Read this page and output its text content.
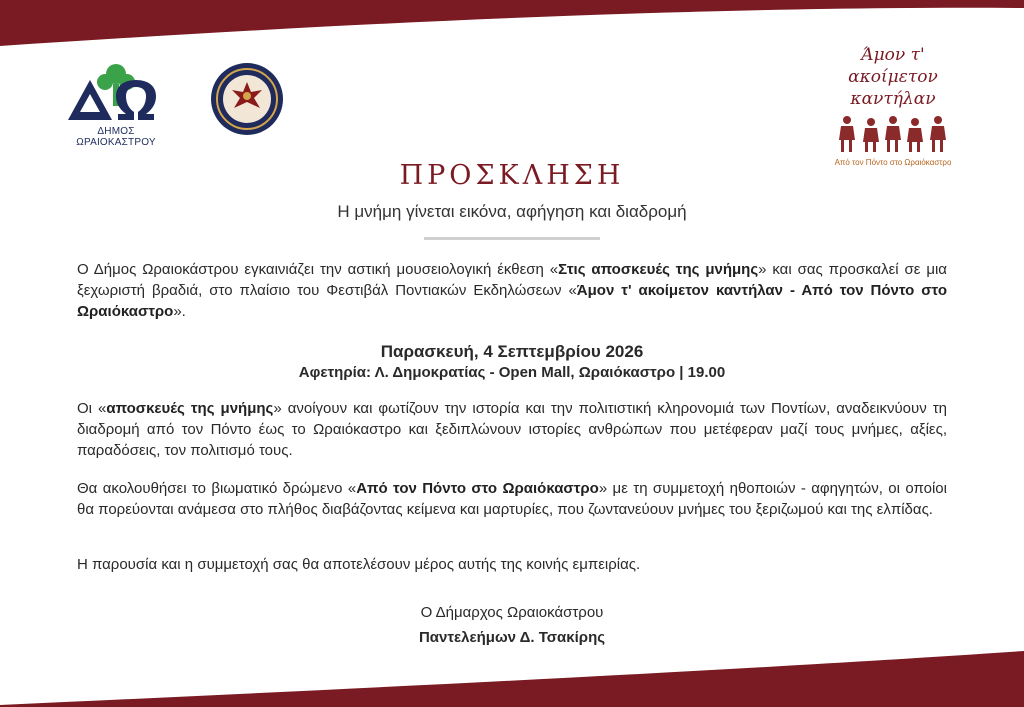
ΔΗΜΟΣ ΩΡΑΙΟΚΑΣΤΡΟΥ
Άμον τ' ακοίμετον
καντήλαν
Από τον Πόντο στο Ωραιόκαστρο
ΠΡΟΣΚΛΗΣΗ
Η μνήμη γίνεται εικόνα, αφήγηση και διαδρομή

Ο Δήμος Ωραιοκάστρου εγκαινιάζει την αστική μουσειολογική έκθεση «Στις αποσκευές της μνήμης» και σας προσκαλεί σε μια ξεχωριστή βραδιά, στο πλαίσιο του Φεστιβάλ Ποντιακών Εκδηλώσεων «Άμον τ' ακοίμετον καντήλαν - Από τον Πόντο στο Ωραιόκαστρο».

Παρασκευή, 4 Σεπτεμβρίου 2026
Αφετηρία: Λ. Δημοκρατίας - Open Mall, Ωραιόκαστρο | 19.00

Οι «αποσκευές της μνήμης» ανοίγουν και φωτίζουν την ιστορία και την πολιτιστική κληρονομιά των Ποντίων, αναδεικνύουν τη διαδρομή από τον Πόντο έως το Ωραιόκαστρο και ξεδιπλώνουν ιστορίες ανθρώπων που μετέφεραν μαζί τους μνήμες, αξίες, παραδόσεις, τον πολιτισμό τους.

Θα ακολουθήσει το βιωματικό δρώμενο «Από τον Πόντο στο Ωραιόκαστρο» με τη συμμετοχή ηθοποιών - αφηγητών, οι οποίοι θα πορεύονται ανάμεσα στο πλήθος διαβάζοντας κείμενα και μαρτυρίες, που ζωντανεύουν μνήμες του ξεριζωμού και της ελπίδας.

Η παρουσία και η συμμετοχή σας θα αποτελέσουν μέρος αυτής της κοινής εμπειρίας.

Ο Δήμαρχος Ωραιοκάστρου
Παντελεήμων Δ. Τσακίρης
